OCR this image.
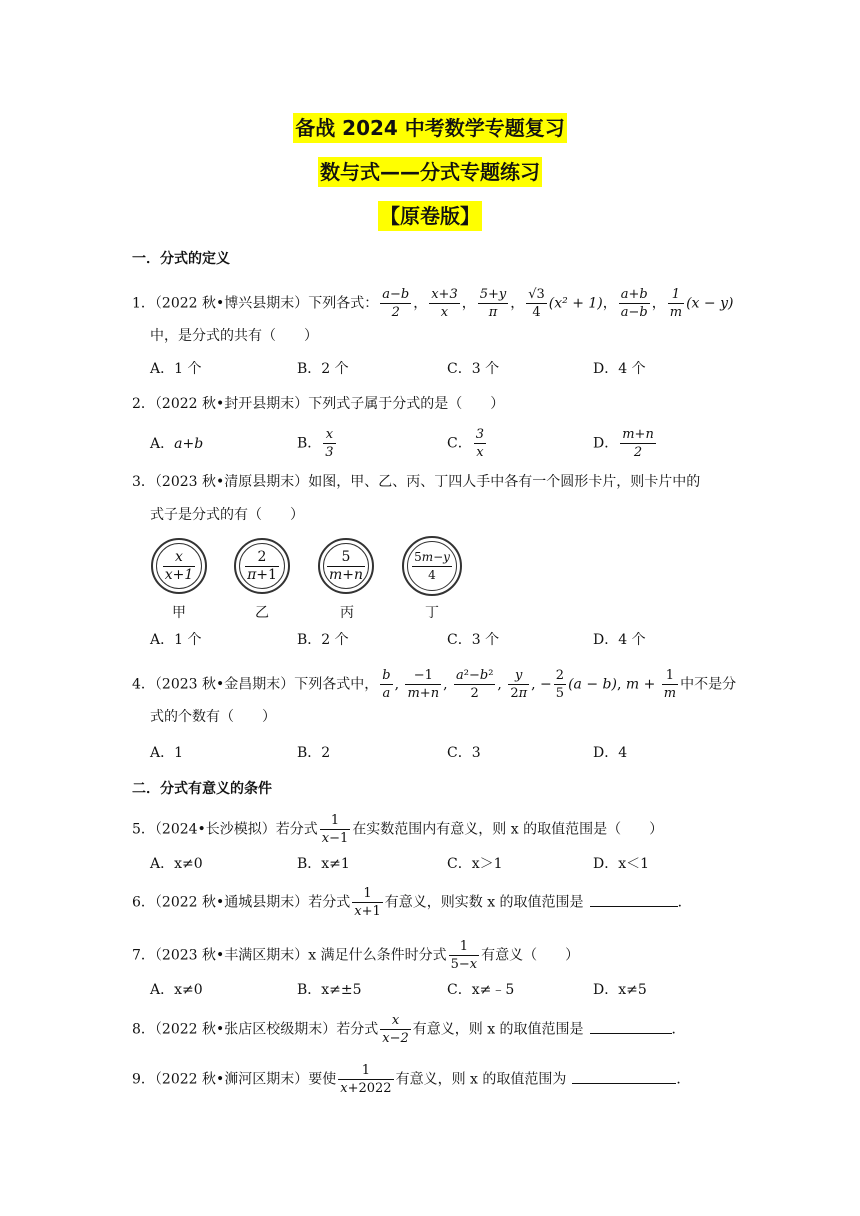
备战 2024 中考数学专题复习
数与式——分式专题练习
【原卷版】
一．分式的定义
1．（2022 秋•博兴县期末）下列各式： $\frac{a-b}{2}$ ， $\frac{x+3}{x}$ ， $\frac{5+y}{\pi}$ ， $\frac{√3}{4} (x^2 + 1)$， $\frac{a+b}{a-b}$ ， $\frac{1}{m} (x - y)$
中，是分式的共有（　　）
A．1 个	B．2 个	C．3 个	D．4 个
2．（2022 秋•封开县期末）下列式子属于分式的是（　　）
A．a+b	B． $\frac{x}{3}$	C． $\frac{3}{x}$	D． $\frac{m+n}{2}$
3．（2023 秋•清原县期末）如图，甲、乙、丙、丁四人手中各有一个圆形卡片，则卡片中的
式子是分式的有（　　）
$\frac{x}{x+1}$	$\frac{2}{\pi+1}$	$\frac{5}{m+n}$	$\frac{5m-y}{4}$
甲	乙	丙	丁
A．1 个	B．2 个	C．3 个	D．4 个
4．（2023 秋•金昌期末）下列各式中， $\frac{b}{a}$ , $\frac{-1}{m+n}$ , $\frac{\text{a²−b²}}{2}$ , $\frac{y}{2\pi}$ , − $\frac{2}{5} (a - b)$, $m + \frac{1}{m}$ 中不是分
式的个数有（　　）
A．1	B．2	C．3	D．4
二．分式有意义的条件
5．（2024•长沙模拟）若分式 $\frac{1}{x-1}$ 在实数范围内有意义，则 x 的取值范围是（　　）
A．x≠0	B．x≠1	C．x＞1	D．x＜1
6．（2022 秋•通城县期末）若分式 $\frac{1}{x+1}$ 有意义，则实数 x 的取值范围是	．
7．（2023 秋•丰满区期末）x 满足什么条件时分式 $\frac{1}{5-x}$ 有意义（　　）
A．x≠0	B．x≠±5	C．x≠﹣5	D．x≠5
8．（2022 秋•张店区校级期末）若分式 $\frac{x}{x-2}$ 有意义，则 x 的取值范围是	．
9．（2022 秋•浉河区期末）要使 $\frac{1}{x+2022}$ 有意义，则 x 的取值范围为	．
